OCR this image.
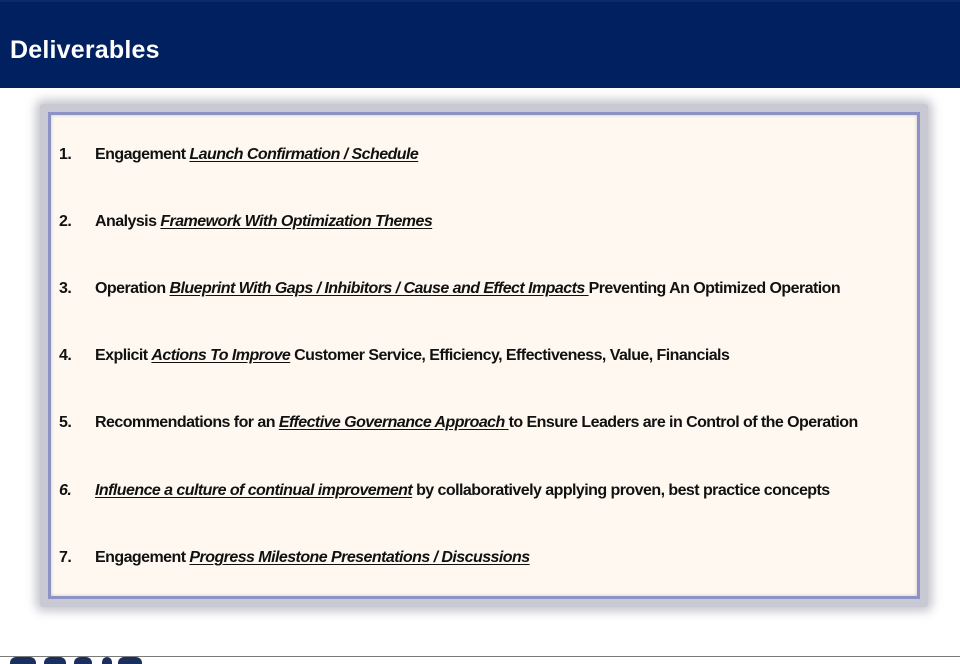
Deliverables
1. Engagement Launch Confirmation / Schedule
2. Analysis Framework With Optimization Themes
3. Operation Blueprint With Gaps / Inhibitors / Cause and Effect Impacts Preventing An Optimized Operation
4. Explicit Actions To Improve Customer Service, Efficiency, Effectiveness, Value, Financials
5. Recommendations for an Effective Governance Approach to Ensure Leaders are in Control of the Operation
6. Influence a culture of continual improvement by collaboratively applying proven, best practice concepts
7. Engagement Progress Milestone Presentations / Discussions
